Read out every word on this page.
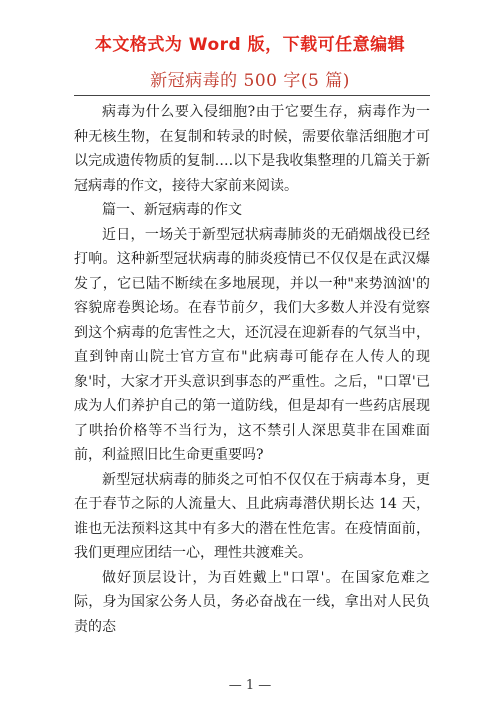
本文格式为 Word 版，下载可任意编辑
新冠病毒的 500 字(5 篇)

病毒为什么要入侵细胞?由于它要生存，病毒作为一种无核生物，在复制和转录的时候，需要依靠活细胞才可以完成遗传物质的复制….以下是我收集整理的几篇关于新冠病毒的作文，接待大家前来阅读。

篇一、新冠病毒的作文

近日，一场关于新型冠状病毒肺炎的无硝烟战役已经打响。这种新型冠状病毒的肺炎疫情已不仅仅是在武汉爆发了，它已陆不断续在多地展现，并以一种"来势汹汹'的容貌席卷舆论场。在春节前夕，我们大多数人并没有觉察到这个病毒的危害性之大，还沉浸在迎新春的气氛当中，直到钟南山院士官方宣布"此病毒可能存在人传人的现象'时，大家才开头意识到事态的严重性。之后，"口罩'已成为人们养护自己的第一道防线，但是却有一些药店展现了哄抬价格等不当行为，这不禁引人深思莫非在国难面前，利益照旧比生命更重要吗?

新型冠状病毒的肺炎之可怕不仅仅在于病毒本身，更在于春节之际的人流量大、且此病毒潜伏期长达 14 天，谁也无法预料这其中有多大的潜在性危害。在疫情面前，我们更理应团结一心，理性共渡难关。

做好顶层设计，为百姓戴上"口罩'。在国家危难之际，身为国家公务人员，务必奋战在一线，拿出对人民负责的态

— 1 —
